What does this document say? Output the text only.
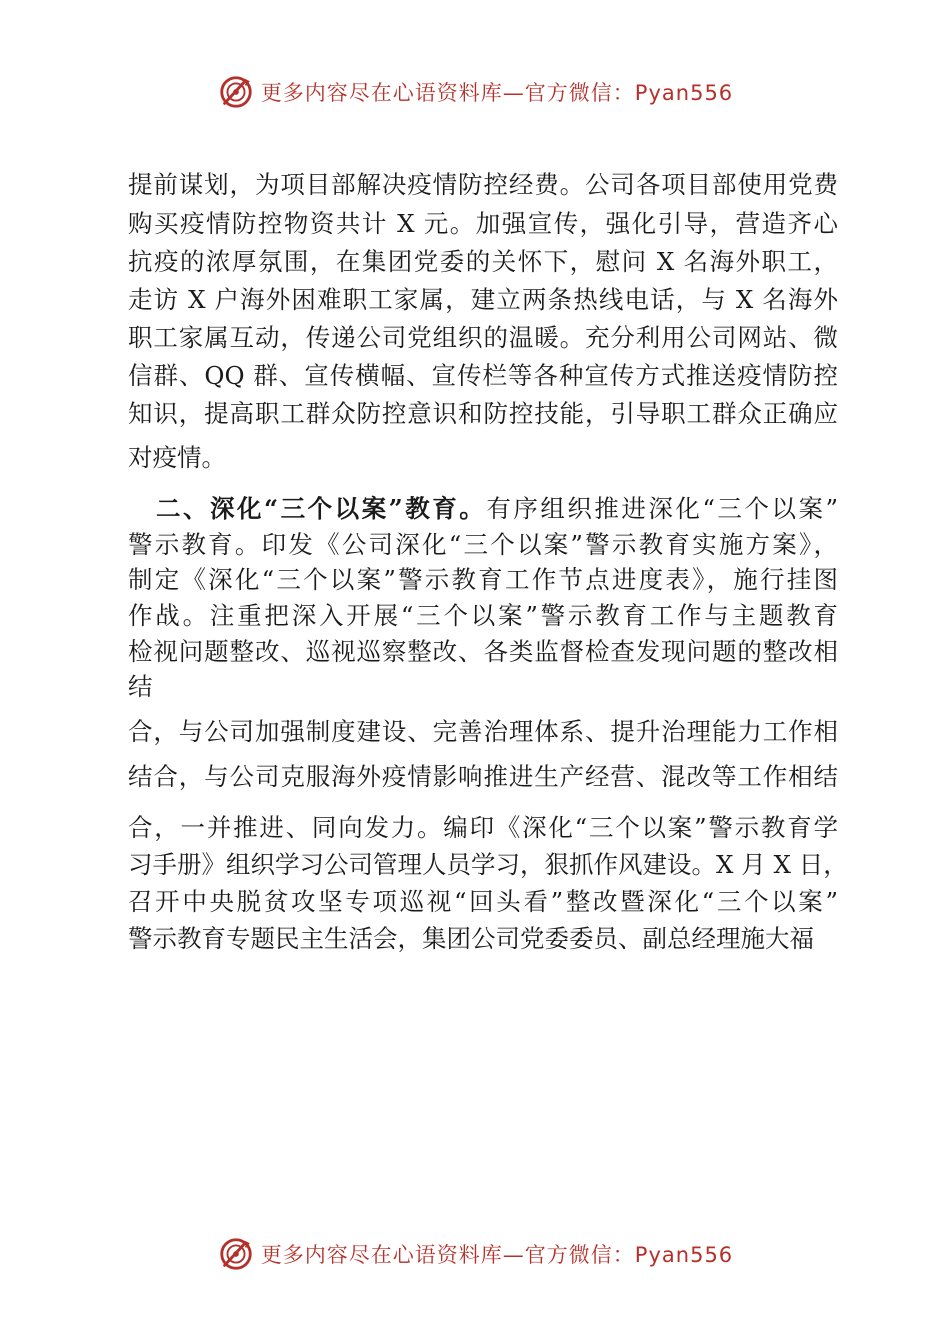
更多内容尽在心语资料库—官方微信：Pyan556
提前谋划，为项目部解决疫情防控经费。公司各项目部使用党费
购买疫情防控物资共计 X 元。加强宣传，强化引导，营造齐心
抗疫的浓厚氛围，在集团党委的关怀下，慰问 X 名海外职工，
走访 X 户海外困难职工家属，建立两条热线电话，与 X 名海外
职工家属互动，传递公司党组织的温暖。充分利用公司网站、微
信群、QQ 群、宣传横幅、宣传栏等各种宣传方式推送疫情防控
知识，提高职工群众防控意识和防控技能，引导职工群众正确应
对疫情。
二、深化“三个以案”教育。有序组织推进深化“三个以案”
警示教育。印发《公司深化“三个以案”警示教育实施方案》，
制定《深化“三个以案”警示教育工作节点进度表》，施行挂图
作战。注重把深入开展“三个以案”警示教育工作与主题教育
检视问题整改、巡视巡察整改、各类监督检查发现问题的整改相
结
合，与公司加强制度建设、完善治理体系、提升治理能力工作相
结合，与公司克服海外疫情影响推进生产经营、混改等工作相结
合，一并推进、同向发力。编印《深化“三个以案”警示教育学
习手册》组织学习公司管理人员学习，狠抓作风建设。X 月 X 日，
召开中央脱贫攻坚专项巡视“回头看”整改暨深化“三个以案”
警示教育专题民主生活会，集团公司党委委员、副总经理施大福
更多内容尽在心语资料库—官方微信：Pyan556
